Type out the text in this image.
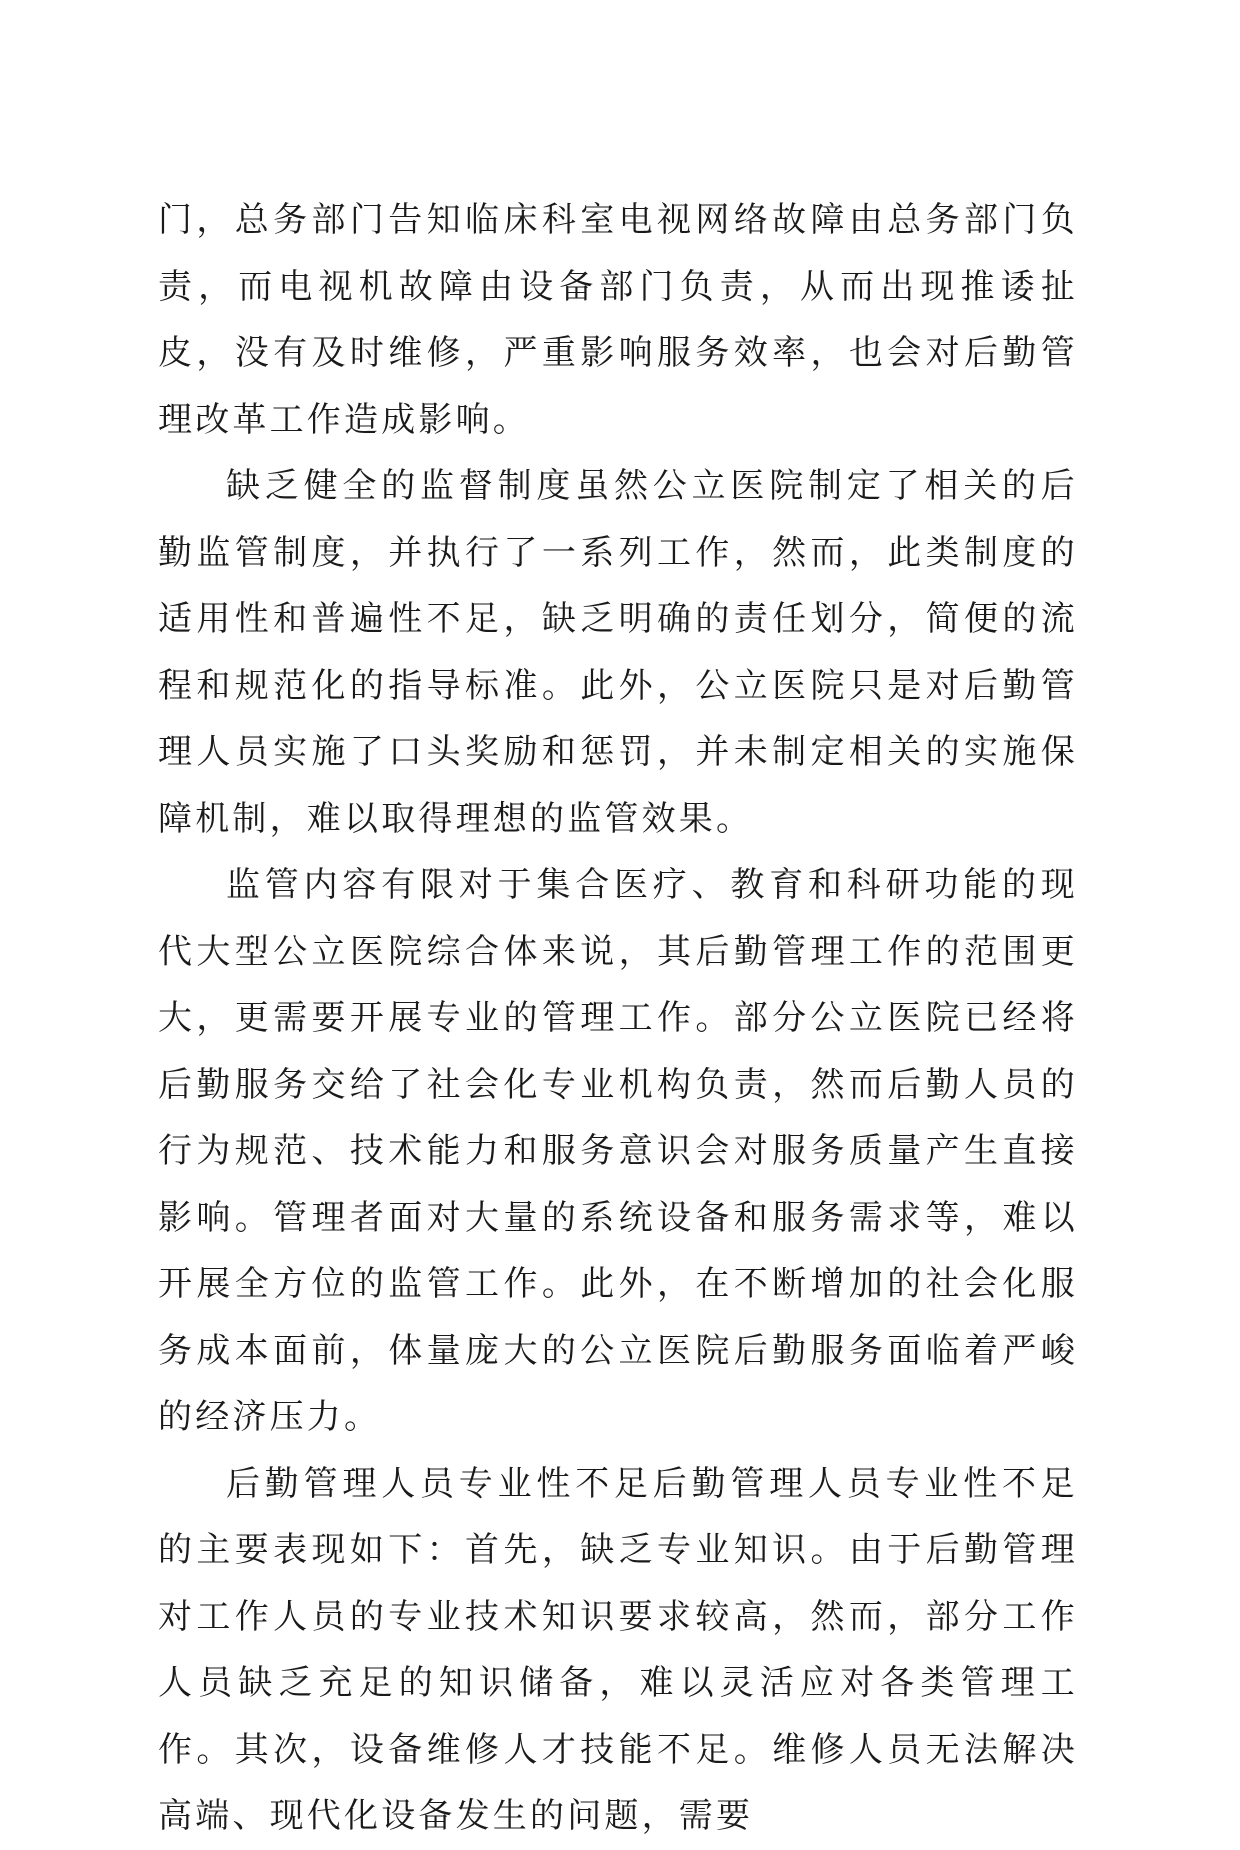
门，总务部门告知临床科室电视网络故障由总务部门负责，而电视机故障由设备部门负责，从而出现推诿扯皮，没有及时维修，严重影响服务效率，也会对后勤管理改革工作造成影响。

缺乏健全的监督制度虽然公立医院制定了相关的后勤监管制度，并执行了一系列工作，然而，此类制度的适用性和普遍性不足，缺乏明确的责任划分，简便的流程和规范化的指导标准。此外，公立医院只是对后勤管理人员实施了口头奖励和惩罚，并未制定相关的实施保障机制，难以取得理想的监管效果。

监管内容有限对于集合医疗、教育和科研功能的现代大型公立医院综合体来说，其后勤管理工作的范围更大，更需要开展专业的管理工作。部分公立医院已经将后勤服务交给了社会化专业机构负责，然而后勤人员的行为规范、技术能力和服务意识会对服务质量产生直接影响。管理者面对大量的系统设备和服务需求等，难以开展全方位的监管工作。此外，在不断增加的社会化服务成本面前，体量庞大的公立医院后勤服务面临着严峻的经济压力。

后勤管理人员专业性不足后勤管理人员专业性不足的主要表现如下：首先，缺乏专业知识。由于后勤管理对工作人员的专业技术知识要求较高，然而，部分工作人员缺乏充足的知识储备，难以灵活应对各类管理工作。其次，设备维修人才技能不足。维修人员无法解决高端、现代化设备发生的问题，需要
